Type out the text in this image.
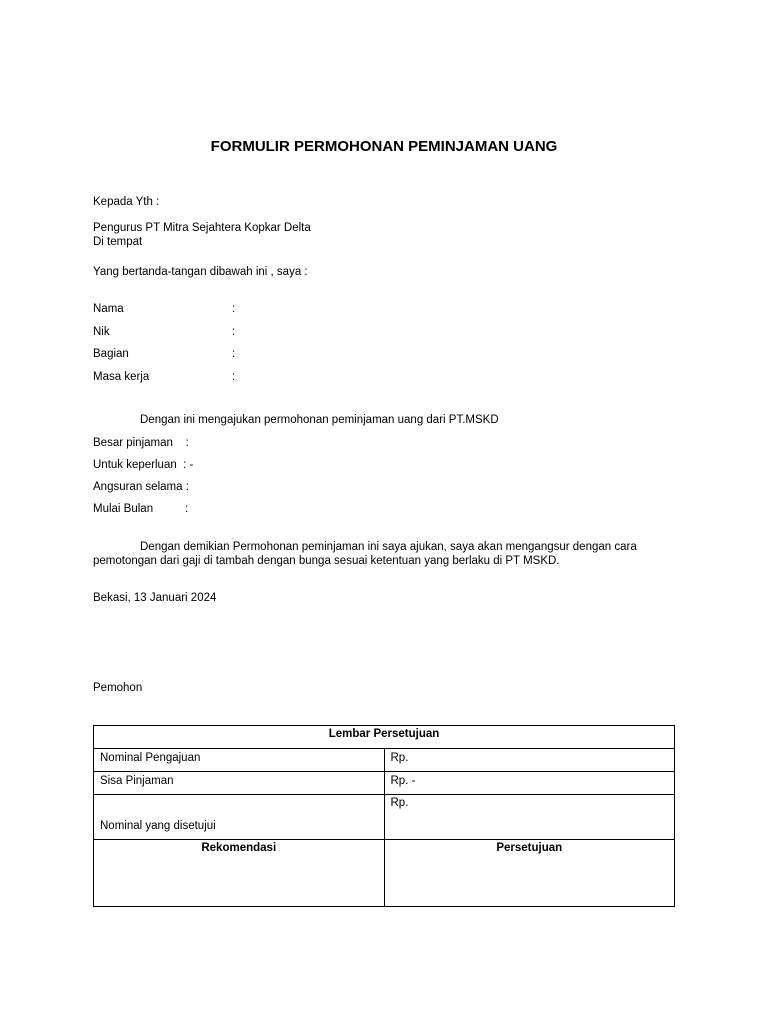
FORMULIR PERMOHONAN PEMINJAMAN UANG
Kepada Yth :
Pengurus PT Mitra Sejahtera Kopkar Delta
Di tempat
Yang bertanda-tangan dibawah ini , saya :
Nama	:
Nik	:
Bagian	:
Masa kerja	:
Dengan ini mengajukan permohonan peminjaman uang dari PT.MSKD
Besar pinjaman    :
Untuk keperluan  : -
Angsuran selama :
Mulai Bulan          :
Dengan demikian Permohonan peminjaman ini saya ajukan, saya akan mengangsur dengan cara
pemotongan dari gaji di tambah dengan bunga sesuai ketentuan yang berlaku di PT MSKD.
Bekasi, 13 Januari 2024
Pemohon
Lembar Persetujuan	
Nominal Pengajuan	Rp.
Sisa Pinjaman	Rp. -
Nominal yang disetujui	Rp.
Rekomendasi	Persetujuan
